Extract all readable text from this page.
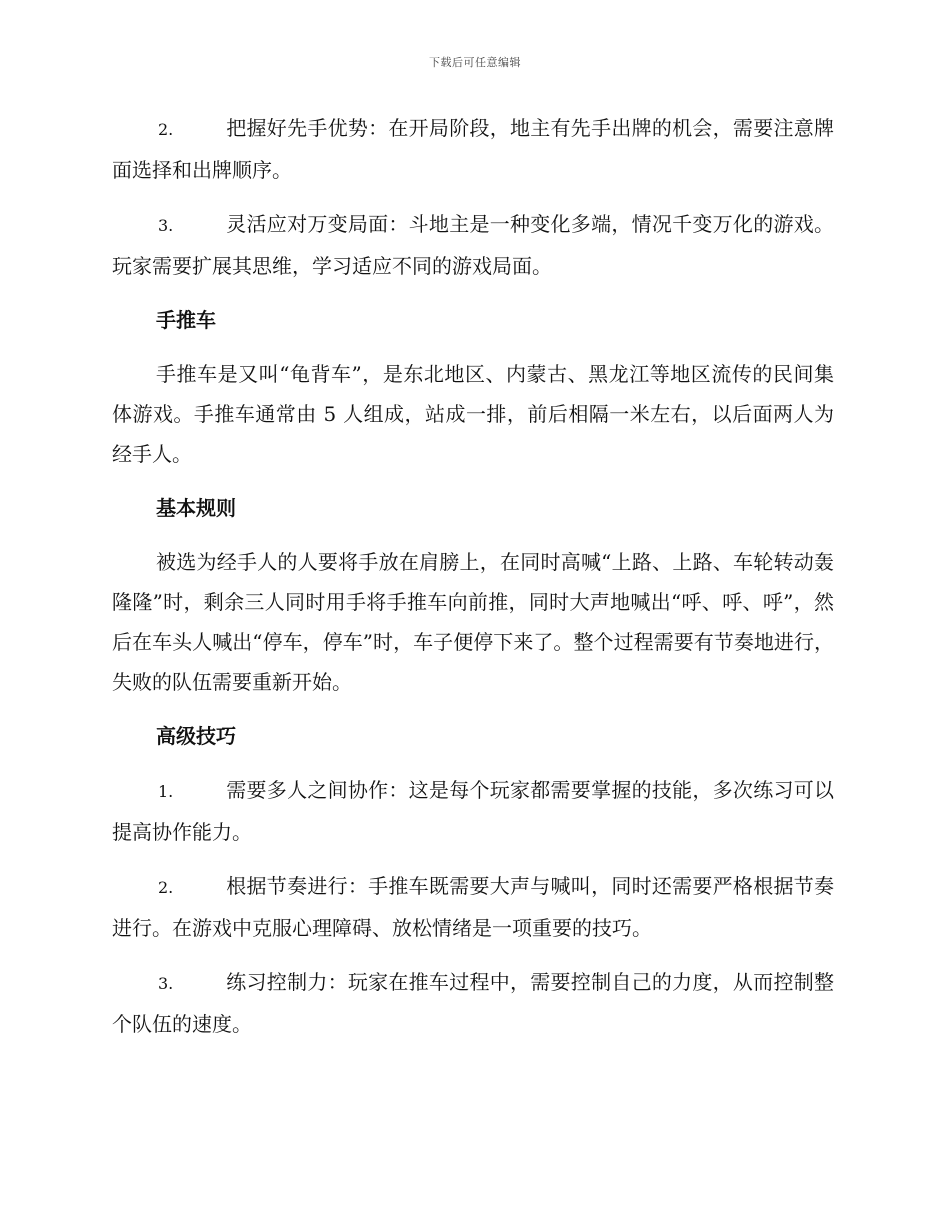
下载后可任意编辑

2.	把握好先手优势：在开局阶段，地主有先手出牌的机会，需要注意牌面选择和出牌顺序。

3.	灵活应对万变局面：斗地主是一种变化多端，情况千变万化的游戏。玩家需要扩展其思维，学习适应不同的游戏局面。

手推车

手推车是又叫“龟背车”，是东北地区、内蒙古、黑龙江等地区流传的民间集体游戏。手推车通常由 5 人组成，站成一排，前后相隔一米左右，以后面两人为经手人。

基本规则

被选为经手人的人要将手放在肩膀上，在同时高喊“上路、上路、车轮转动轰隆隆”时，剩余三人同时用手将手推车向前推，同时大声地喊出“呼、呼、呼”，然后在车头人喊出“停车，停车”时，车子便停下来了。整个过程需要有节奏地进行，失败的队伍需要重新开始。

高级技巧

1.	需要多人之间协作：这是每个玩家都需要掌握的技能，多次练习可以提高协作能力。

2.	根据节奏进行：手推车既需要大声与喊叫，同时还需要严格根据节奏进行。在游戏中克服心理障碍、放松情绪是一项重要的技巧。

3.	练习控制力：玩家在推车过程中，需要控制自己的力度，从而控制整个队伍的速度。
